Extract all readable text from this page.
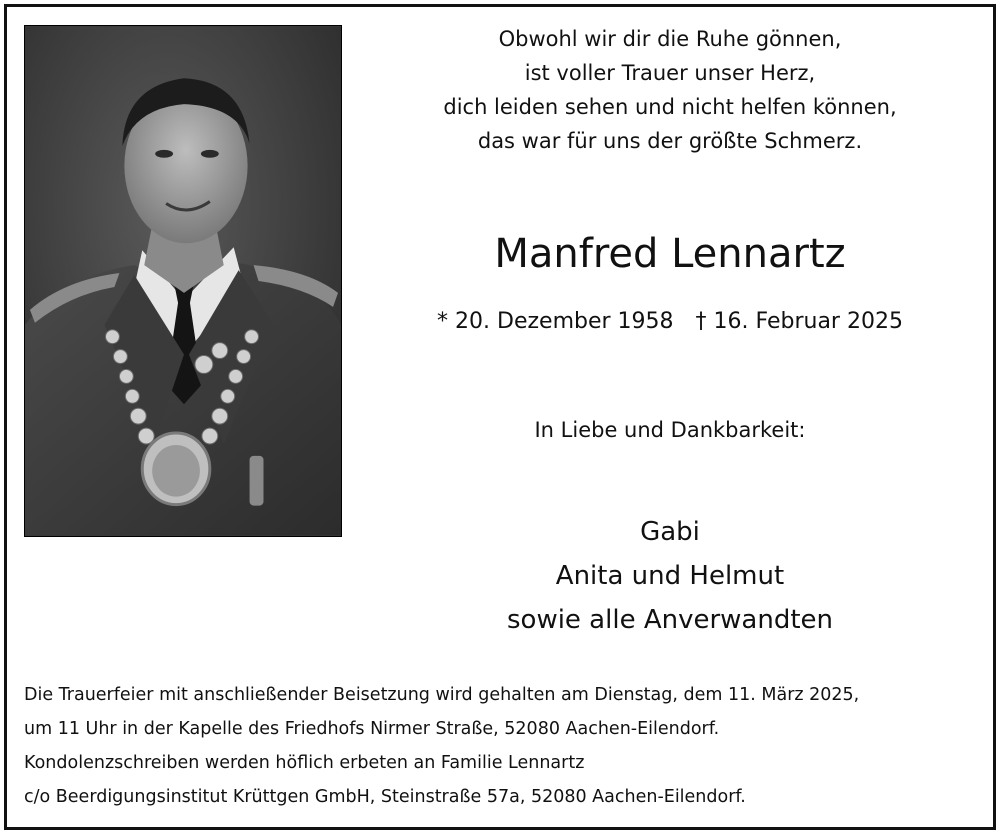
Obwohl wir dir die Ruhe gönnen,
ist voller Trauer unser Herz,
dich leiden sehen und nicht helfen können,
das war für uns der größte Schmerz.
Manfred Lennartz
* 20. Dezember 1958 † 16. Februar 2025
In Liebe und Dankbarkeit:
Gabi
Anita und Helmut
sowie alle Anverwandten
Die Trauerfeier mit anschließender Beisetzung wird gehalten am Dienstag, dem 11. März 2025,
um 11 Uhr in der Kapelle des Friedhofs Nirmer Straße, 52080 Aachen-Eilendorf.
Kondolenzschreiben werden höflich erbeten an Familie Lennartz
c/o Beerdigungsinstitut Krüttgen GmbH, Steinstraße 57a, 52080 Aachen-Eilendorf.
